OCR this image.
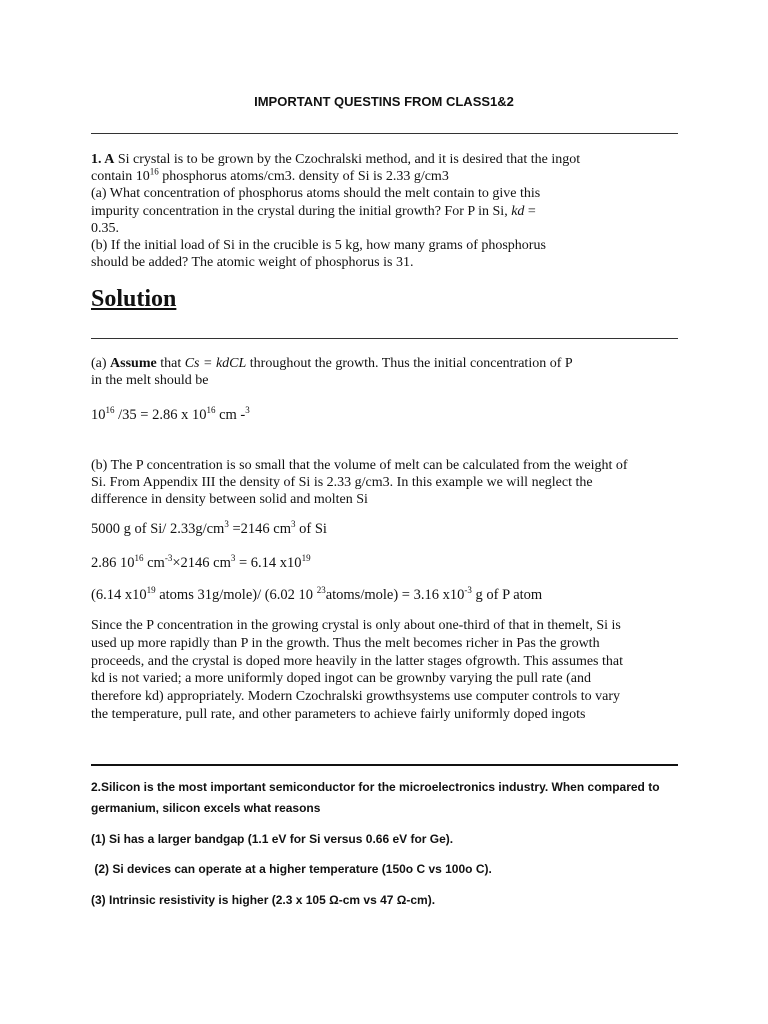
IMPORTANT QUESTINS FROM CLASS1&2
1. A Si crystal is to be grown by the Czochralski method, and it is desired that the ingot
contain $10^{16}$ phosphorus atoms/cm3. density of Si is 2.33 g/cm3
(a) What concentration of phosphorus atoms should the melt contain to give this
impurity concentration in the crystal during the initial growth? For P in Si, kd =
0.35.
(b) If the initial load of Si in the crucible is 5 kg, how many grams of phosphorus
should be added? The atomic weight of phosphorus is 31.
Solution
(a) Assume that Cs = kdCL throughout the growth. Thus the initial concentration of P
in the melt should be
$10^{16}$ /35 = 2.86 x $10^{16}$ cm -$^3$
(b) The P concentration is so small that the volume of melt can be calculated from the weight of
Si. From Appendix III the density of Si is 2.33 g/cm3. In this example we will neglect the
difference in density between solid and molten Si
5000 g of Si/ $2.33g/cm^3 =2146$ $cm^3$ of Si
2.86 $10^{16}$ $cm^{-3}\times 2146$ $cm^3 = 6.14$ $x10^{19}$
(6.14 $x10^{19}$ atoms 31g/mole)/ (6.02 10 $^{23}$atoms/mole) = 3.16 $x10^{-3}$ g of P atom
Since the P concentration in the growing crystal is only about one-third of that in themelt, Si is
used up more rapidly than P in the growth. Thus the melt becomes richer in Pas the growth
proceeds, and the crystal is doped more heavily in the latter stages ofgrowth. This assumes that
kd is not varied; a more uniformly doped ingot can be grownby varying the pull rate (and
therefore kd) appropriately. Modern Czochralski growthsystems use computer controls to vary
the temperature, pull rate, and other parameters to achieve fairly uniformly doped ingots
2.Silicon is the most important semiconductor for the microelectronics industry. When compared to
germanium, silicon excels what reasons
(1) Si has a larger bandgap (1.1 eV for Si versus 0.66 eV for Ge).
(2) Si devices can operate at a higher temperature (150o C vs 100o C).
(3) Intrinsic resistivity is higher (2.3 x 105 Ω-cm vs 47 Ω-cm).
